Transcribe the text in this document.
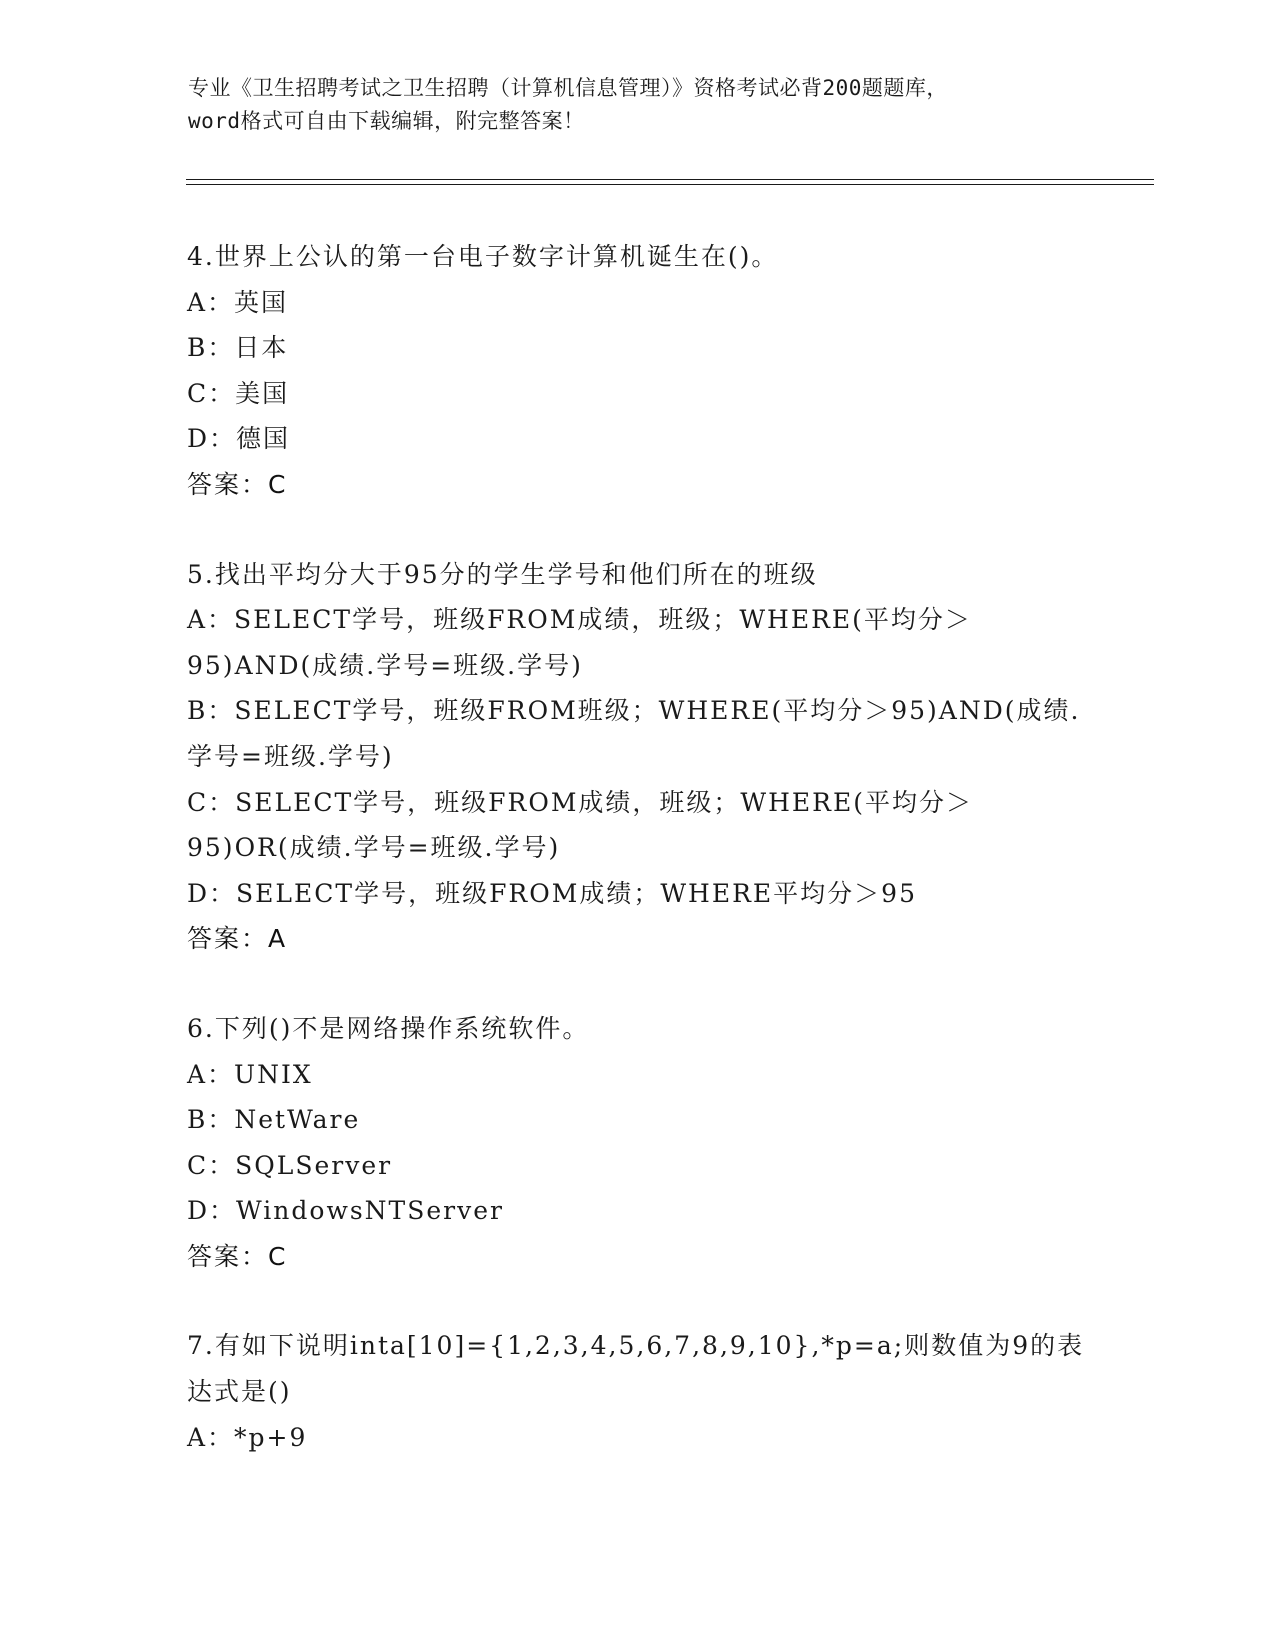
专业《卫生招聘考试之卫生招聘（计算机信息管理）》资格考试必背200题题库，
word格式可自由下载编辑，附完整答案！
4.世界上公认的第一台电子数字计算机诞生在()。
A：英国
B：日本
C：美国
D：德国
答案：C
5.找出平均分大于95分的学生学号和他们所在的班级
A：SELECT学号，班级FROM成绩，班级；WHERE(平均分＞95)AND(成绩.学号=班级.学号)
B：SELECT学号，班级FROM班级；WHERE(平均分＞95)AND(成绩.学号=班级.学号)
C：SELECT学号，班级FROM成绩，班级；WHERE(平均分＞95)OR(成绩.学号=班级.学号)
D：SELECT学号，班级FROM成绩；WHERE平均分＞95
答案：A
6.下列()不是网络操作系统软件。
A：UNIX
B：NetWare
C：SQLServer
D：WindowsNTServer
答案：C
7.有如下说明inta[10]={1,2,3,4,5,6,7,8,9,10},*p=a;则数值为9的表达式是()
A：*p+9
